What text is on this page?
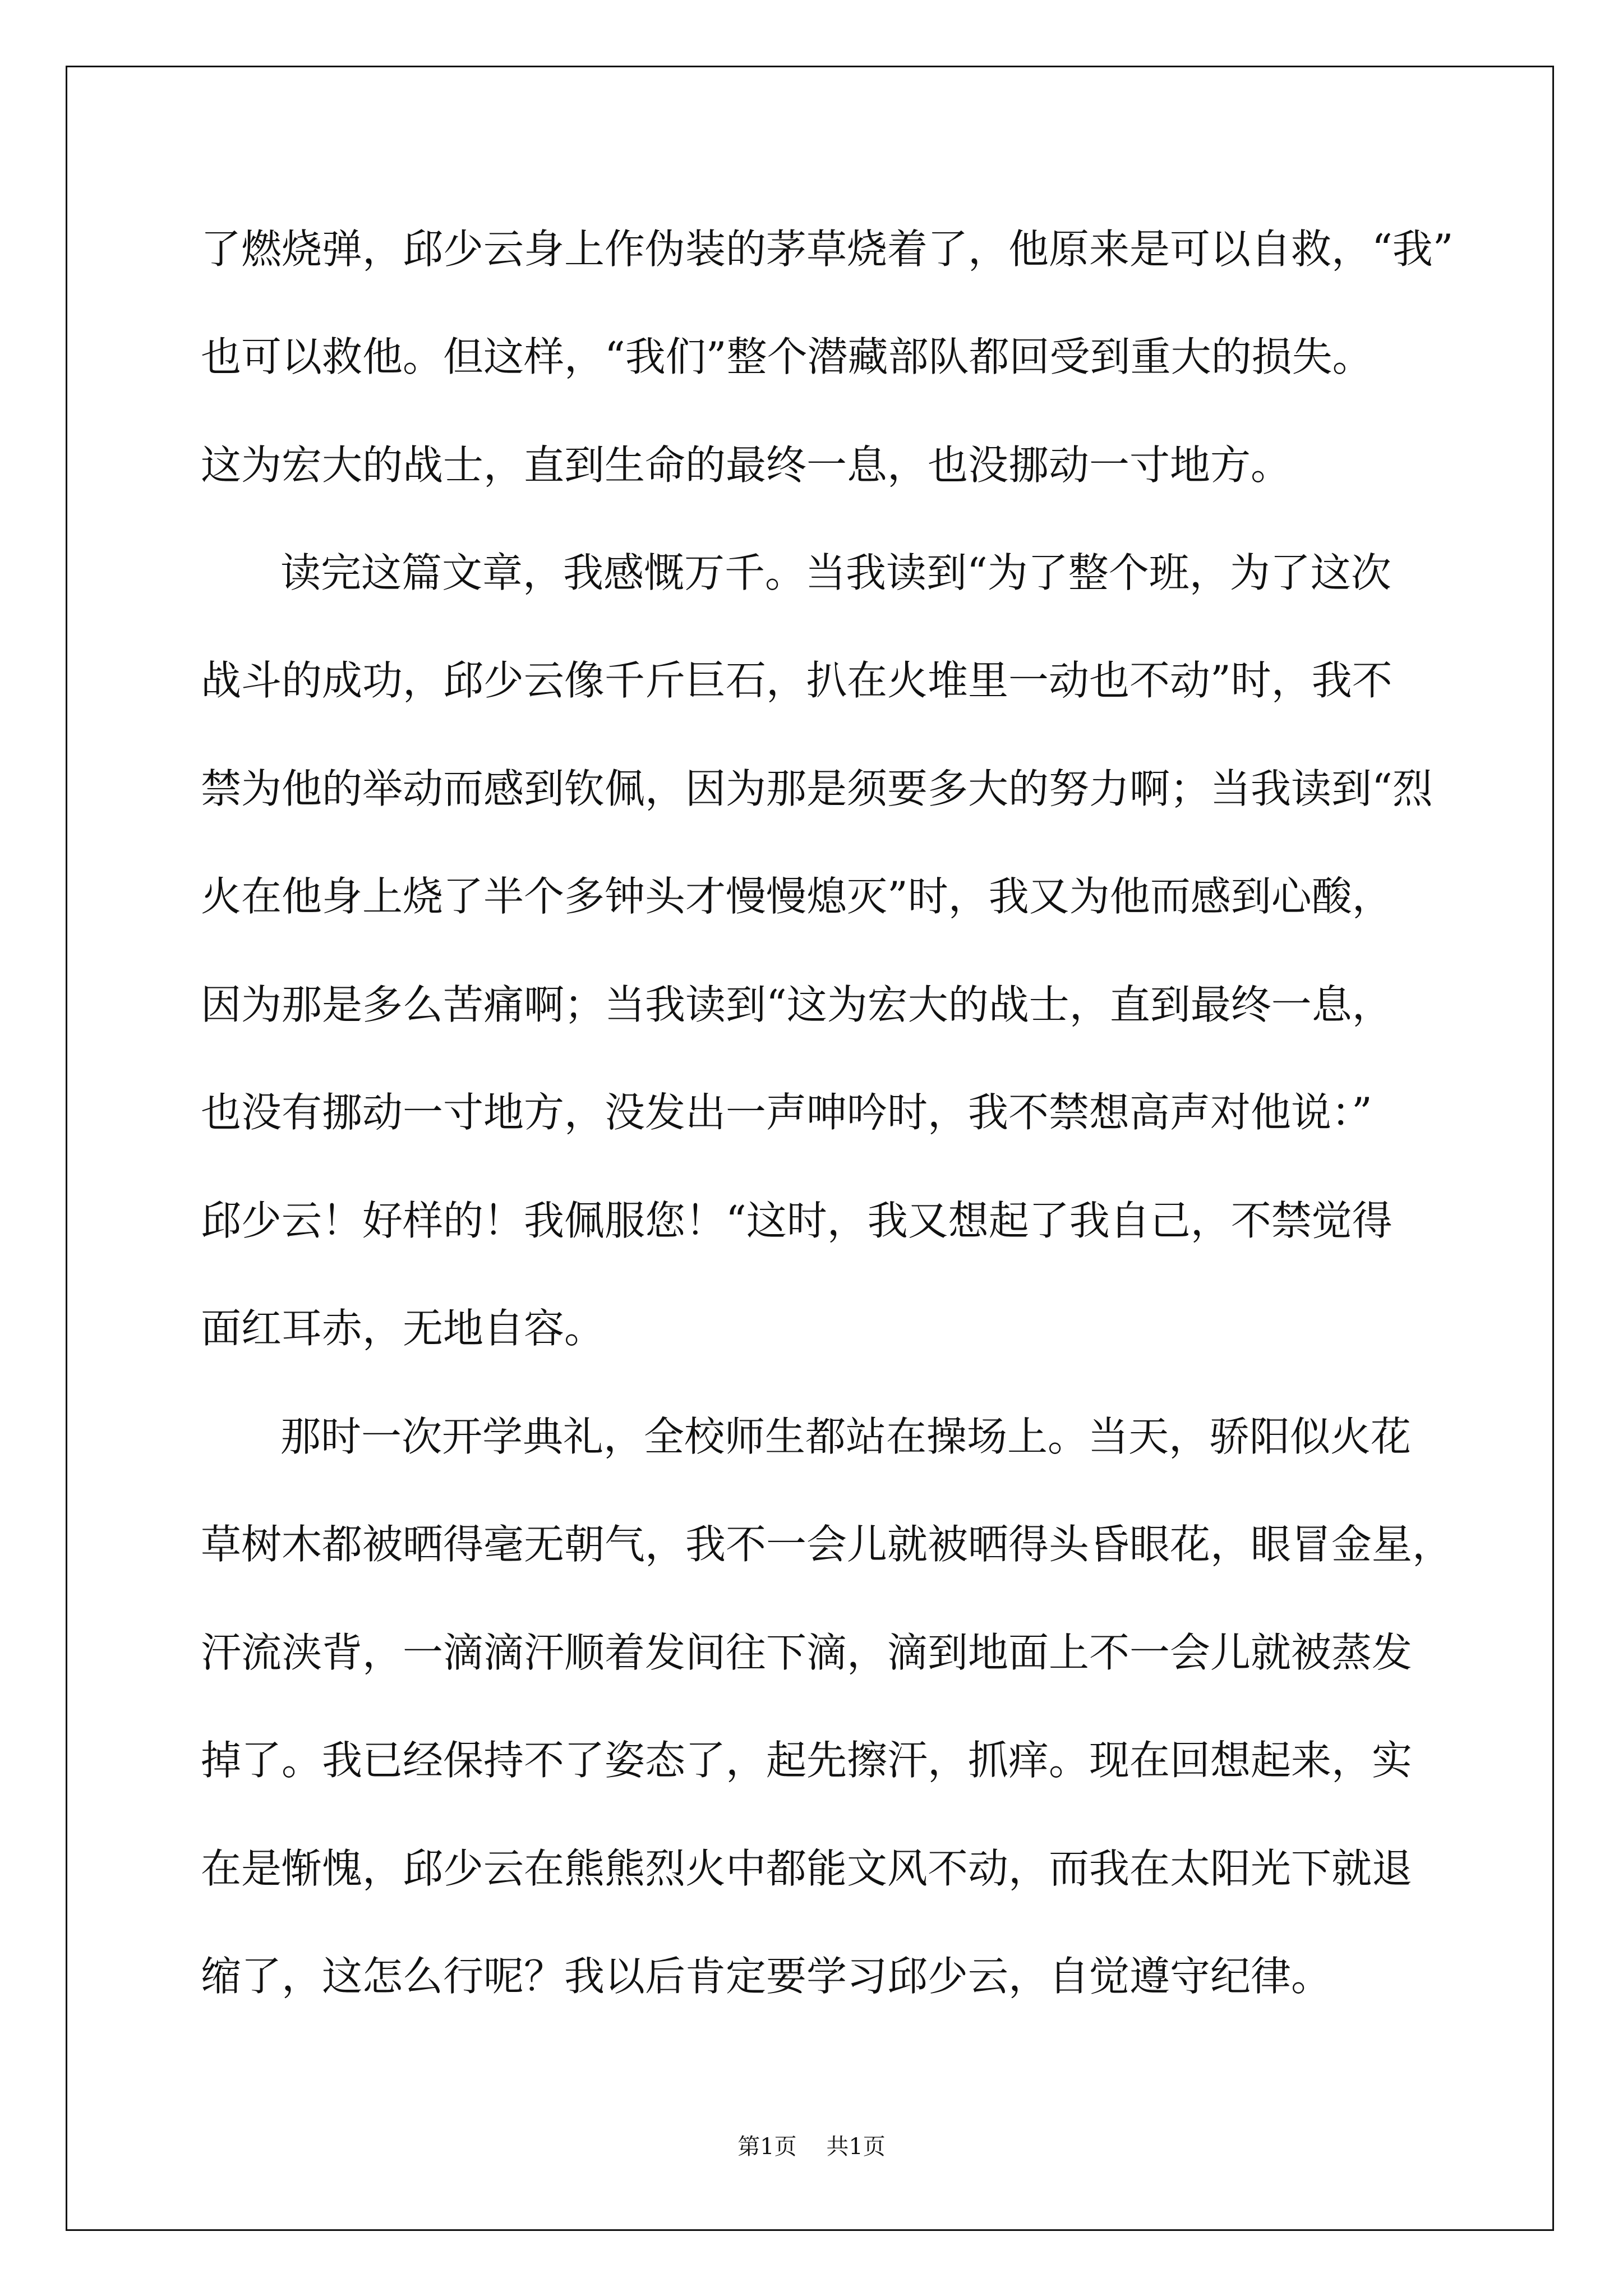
了燃烧弹，邱少云身上作伪装的茅草烧着了，他原来是可以自救，“我”
也可以救他。但这样，“我们”整个潜藏部队都回受到重大的损失。
这为宏大的战士，直到生命的最终一息，也没挪动一寸地方。
读完这篇文章，我感慨万千。当我读到“为了整个班，为了这次
战斗的成功，邱少云像千斤巨石，扒在火堆里一动也不动”时，我不
禁为他的举动而感到钦佩，因为那是须要多大的努力啊；当我读到“烈
火在他身上烧了半个多钟头才慢慢熄灭”时，我又为他而感到心酸，
因为那是多么苦痛啊；当我读到“这为宏大的战士，直到最终一息，
也没有挪动一寸地方，没发出一声呻吟时，我不禁想高声对他说：”
邱少云！好样的！我佩服您！“这时，我又想起了我自己，不禁觉得
面红耳赤，无地自容。
那时一次开学典礼，全校师生都站在操场上。当天，骄阳似火花
草树木都被晒得毫无朝气，我不一会儿就被晒得头昏眼花，眼冒金星，
汗流浃背，一滴滴汗顺着发间往下滴，滴到地面上不一会儿就被蒸发
掉了。我已经保持不了姿态了，起先擦汗，抓痒。现在回想起来，实
在是惭愧，邱少云在熊熊烈火中都能文风不动，而我在太阳光下就退
缩了，这怎么行呢？我以后肯定要学习邱少云，自觉遵守纪律。
第1页 共1页
